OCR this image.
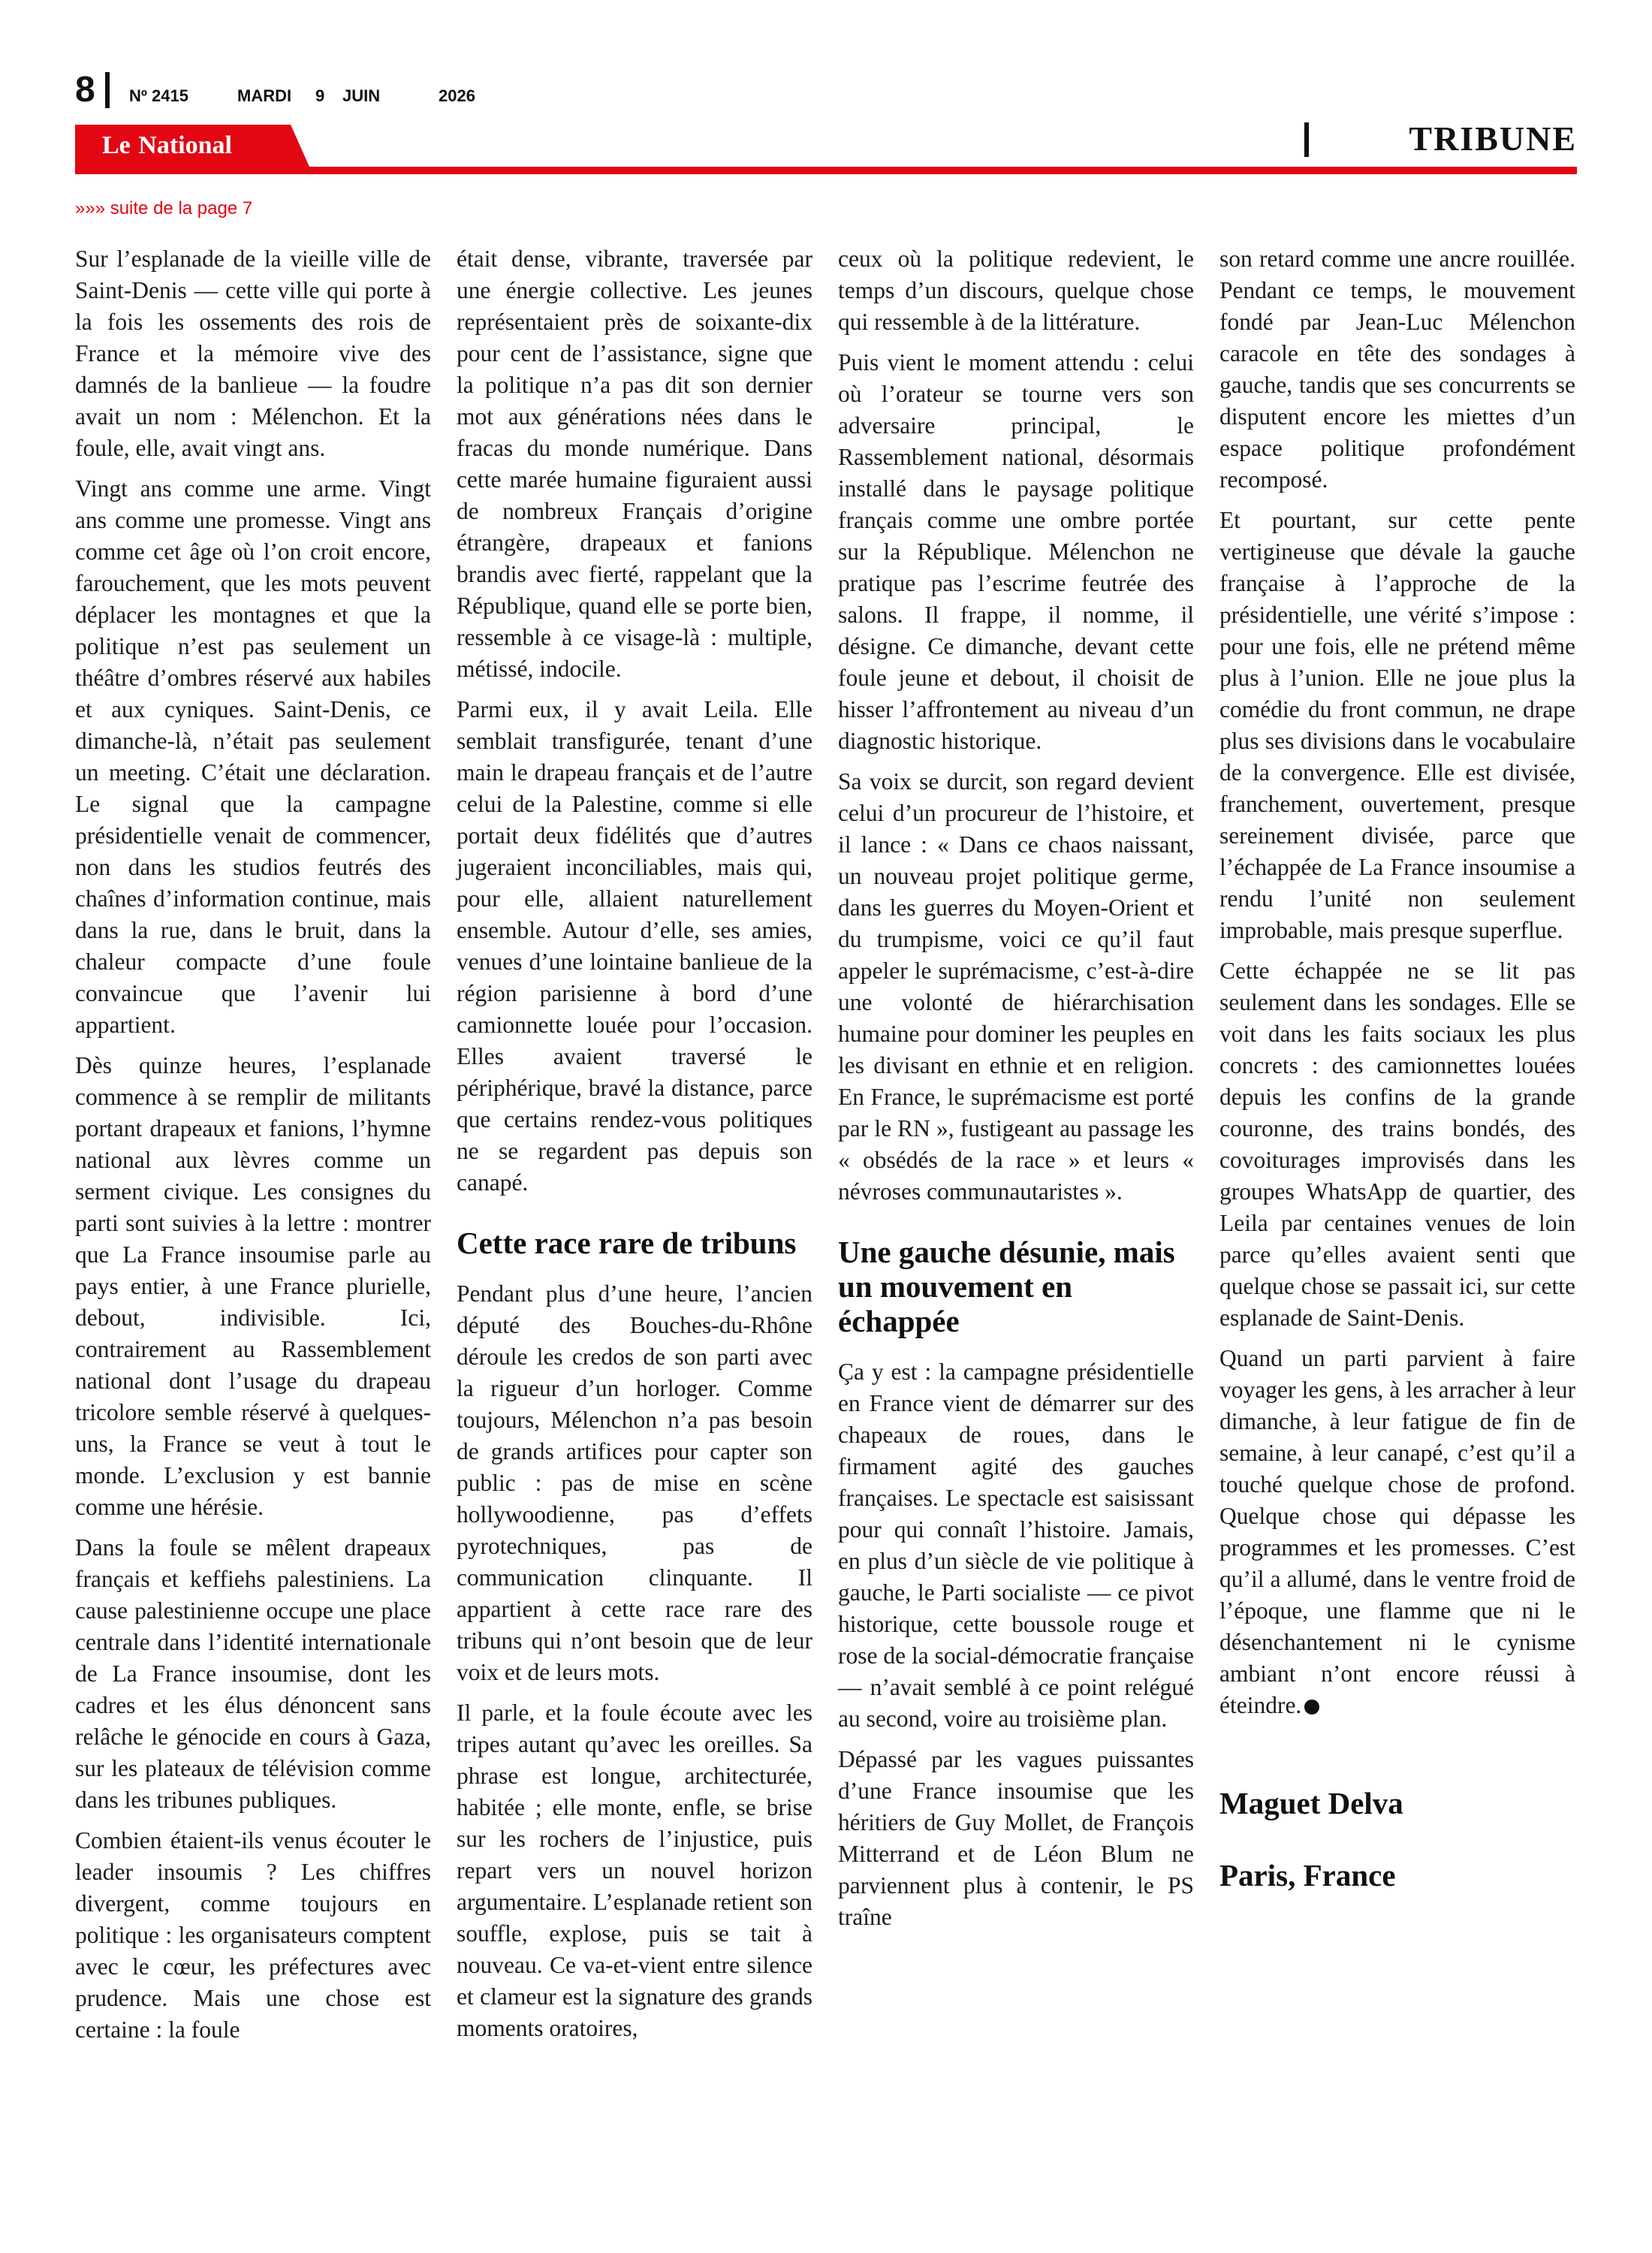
8 Nº 2415	MARDI 9 JUIN	2026
Le National	TRIBUNE
»»» suite de la page 7

Sur l’esplanade de la vieille ville de Saint-Denis — cette ville qui porte à la fois les ossements des rois de France et la mémoire vive des damnés de la banlieue — la foudre avait un nom : Mélenchon. Et la foule, elle, avait vingt ans.

Vingt ans comme une arme. Vingt ans comme une promesse. Vingt ans comme cet âge où l’on croit encore, farouchement, que les mots peuvent déplacer les montagnes et que la politique n’est pas seulement un théâtre d’ombres réservé aux habiles et aux cyniques. Saint-Denis, ce dimanche-là, n’était pas seulement un meeting. C’était une déclaration. Le signal que la campagne présidentielle venait de commencer, non dans les studios feutrés des chaînes d’information continue, mais dans la rue, dans le bruit, dans la chaleur compacte d’une foule convaincue que l’avenir lui appartient.

Dès quinze heures, l’esplanade commence à se remplir de militants portant drapeaux et fanions, l’hymne national aux lèvres comme un serment civique. Les consignes du parti sont suivies à la lettre : montrer que La France insoumise parle au pays entier, à une France plurielle, debout, indivisible. Ici, contrairement au Rassemblement national dont l’usage du drapeau tricolore semble réservé à quelques-uns, la France se veut à tout le monde. L’exclusion y est bannie comme une hérésie.

Dans la foule se mêlent drapeaux français et keffiehs palestiniens. La cause palestinienne occupe une place centrale dans l’identité internationale de La France insoumise, dont les cadres et les élus dénoncent sans relâche le génocide en cours à Gaza, sur les plateaux de télévision comme dans les tribunes publiques.

Combien étaient-ils venus écouter le leader insoumis ? Les chiffres divergent, comme toujours en politique : les organisateurs comptent avec le cœur, les préfectures avec prudence. Mais une chose est certaine : la foule

était dense, vibrante, traversée par une énergie collective. Les jeunes représentaient près de soixante-dix pour cent de l’assistance, signe que la politique n’a pas dit son dernier mot aux générations nées dans le fracas du monde numérique. Dans cette marée humaine figuraient aussi de nombreux Français d’origine étrangère, drapeaux et fanions brandis avec fierté, rappelant que la République, quand elle se porte bien, ressemble à ce visage-là : multiple, métissé, indocile.

Parmi eux, il y avait Leila. Elle semblait transfigurée, tenant d’une main le drapeau français et de l’autre celui de la Palestine, comme si elle portait deux fidélités que d’autres jugeraient inconciliables, mais qui, pour elle, allaient naturellement ensemble. Autour d’elle, ses amies, venues d’une lointaine banlieue de la région parisienne à bord d’une camionnette louée pour l’occasion. Elles avaient traversé le périphérique, bravé la distance, parce que certains rendez-vous politiques ne se regardent pas depuis son canapé.

Cette race rare de tribuns

Pendant plus d’une heure, l’ancien député des Bouches-du-Rhône déroule les credos de son parti avec la rigueur d’un horloger. Comme toujours, Mélenchon n’a pas besoin de grands artifices pour capter son public : pas de mise en scène hollywoodienne, pas d’effets pyrotechniques, pas de communication clinquante. Il appartient à cette race rare des tribuns qui n’ont besoin que de leur voix et de leurs mots.

Il parle, et la foule écoute avec les tripes autant qu’avec les oreilles. Sa phrase est longue, architecturée, habitée ; elle monte, enfle, se brise sur les rochers de l’injustice, puis repart vers un nouvel horizon argumentaire. L’esplanade retient son souffle, explose, puis se tait à nouveau. Ce va-et-vient entre silence et clameur est la signature des grands moments oratoires,

ceux où la politique redevient, le temps d’un discours, quelque chose qui ressemble à de la littérature.

Puis vient le moment attendu : celui où l’orateur se tourne vers son adversaire principal, le Rassemblement national, désormais installé dans le paysage politique français comme une ombre portée sur la République. Mélenchon ne pratique pas l’escrime feutrée des salons. Il frappe, il nomme, il désigne. Ce dimanche, devant cette foule jeune et debout, il choisit de hisser l’affrontement au niveau d’un diagnostic historique.

Sa voix se durcit, son regard devient celui d’un procureur de l’histoire, et il lance : « Dans ce chaos naissant, un nouveau projet politique germe, dans les guerres du Moyen-Orient et du trumpisme, voici ce qu’il faut appeler le suprémacisme, c’est-à-dire une volonté de hiérarchisation humaine pour dominer les peuples en les divisant en ethnie et en religion. En France, le suprémacisme est porté par le RN », fustigeant au passage les « obsédés de la race » et leurs « névroses communautaristes ».

Une gauche désunie, mais un mouvement en échappée

Ça y est : la campagne présidentielle en France vient de démarrer sur des chapeaux de roues, dans le firmament agité des gauches françaises. Le spectacle est saisissant pour qui connaît l’histoire. Jamais, en plus d’un siècle de vie politique à gauche, le Parti socialiste — ce pivot historique, cette boussole rouge et rose de la social-démocratie française — n’avait semblé à ce point relégué au second, voire au troisième plan.

Dépassé par les vagues puissantes d’une France insoumise que les héritiers de Guy Mollet, de François Mitterrand et de Léon Blum ne parviennent plus à contenir, le PS traîne

son retard comme une ancre rouillée. Pendant ce temps, le mouvement fondé par Jean-Luc Mélenchon caracole en tête des sondages à gauche, tandis que ses concurrents se disputent encore les miettes d’un espace politique profondément recomposé.

Et pourtant, sur cette pente vertigineuse que dévale la gauche française à l’approche de la présidentielle, une vérité s’impose : pour une fois, elle ne prétend même plus à l’union. Elle ne joue plus la comédie du front commun, ne drape plus ses divisions dans le vocabulaire de la convergence. Elle est divisée, franchement, ouvertement, presque sereinement divisée, parce que l’échappée de La France insoumise a rendu l’unité non seulement improbable, mais presque superflue.

Cette échappée ne se lit pas seulement dans les sondages. Elle se voit dans les faits sociaux les plus concrets : des camionnettes louées depuis les confins de la grande couronne, des trains bondés, des covoiturages improvisés dans les groupes WhatsApp de quartier, des Leila par centaines venues de loin parce qu’elles avaient senti que quelque chose se passait ici, sur cette esplanade de Saint-Denis.

Quand un parti parvient à faire voyager les gens, à les arracher à leur dimanche, à leur fatigue de fin de semaine, à leur canapé, c’est qu’il a touché quelque chose de profond. Quelque chose qui dépasse les programmes et les promesses. C’est qu’il a allumé, dans le ventre froid de l’époque, une flamme que ni le désenchantement ni le cynisme ambiant n’ont encore réussi à éteindre.

Maguet Delva
Paris, France
